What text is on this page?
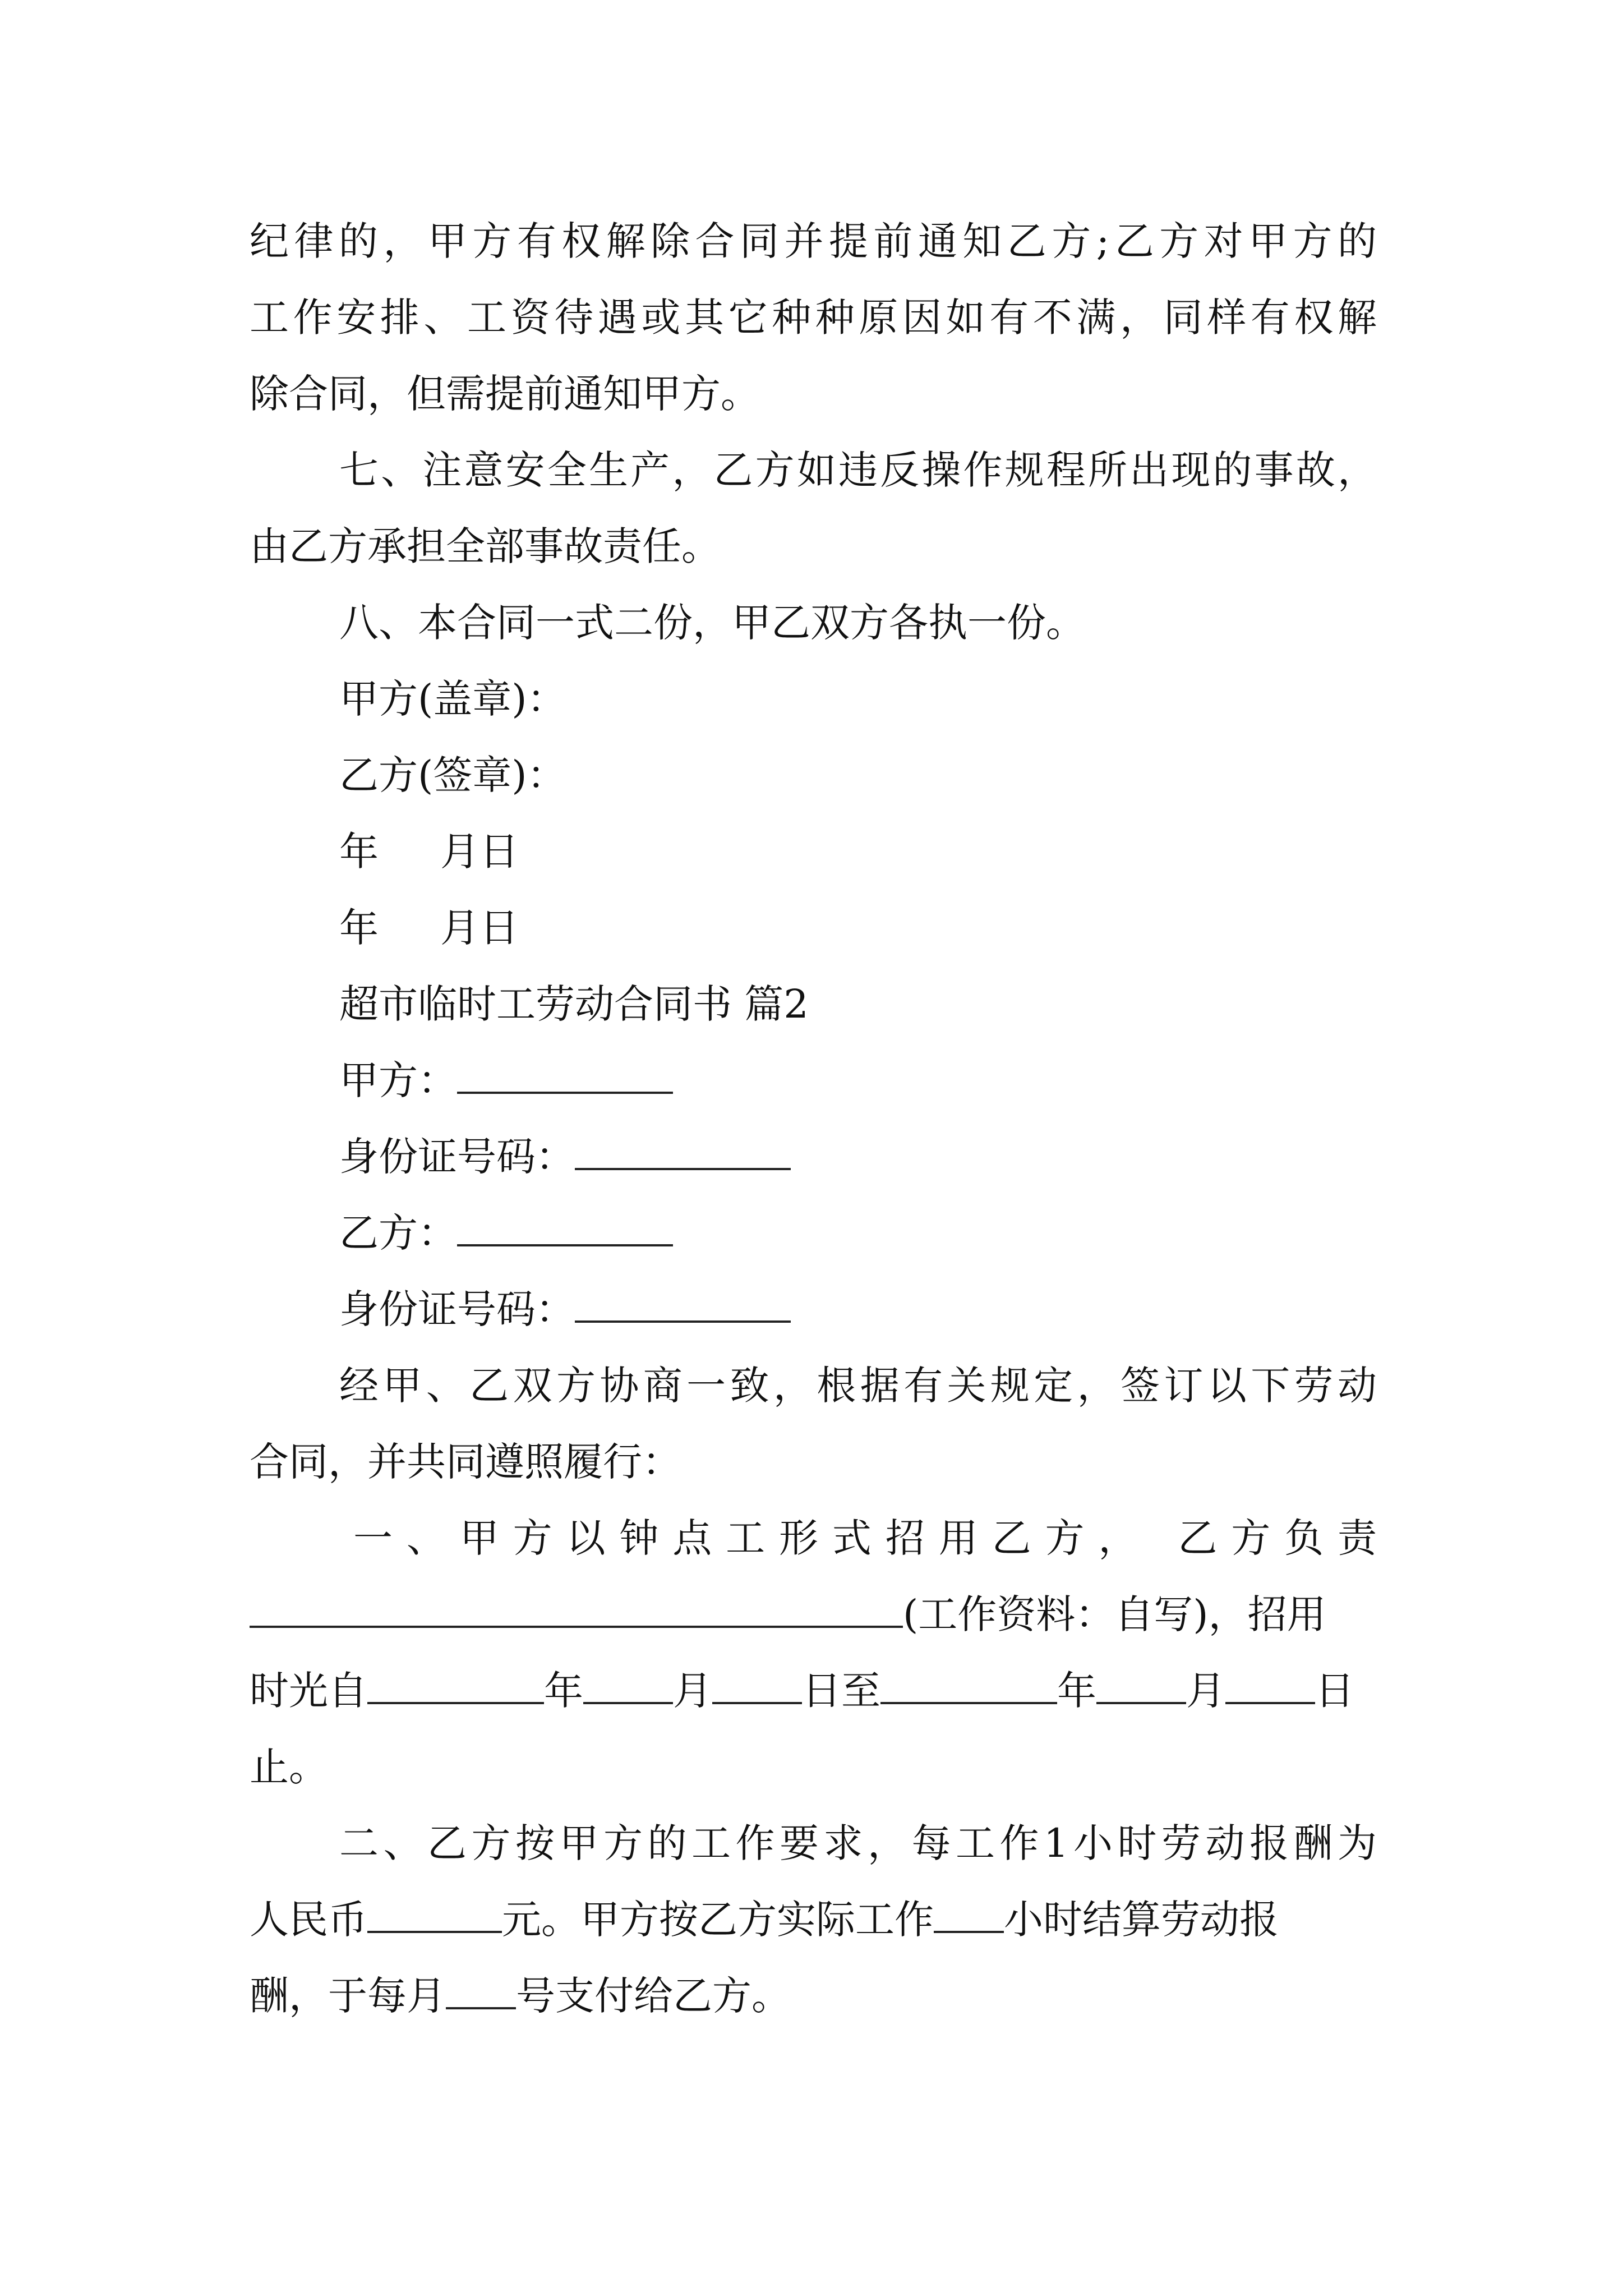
纪律的，甲方有权解除合同并提前通知乙方;乙方对甲方的
工作安排、工资待遇或其它种种原因如有不满，同样有权解
除合同，但需提前通知甲方。
七、注意安全生产，乙方如违反操作规程所出现的事故，
由乙方承担全部事故责任。
八、本合同一式二份，甲乙双方各执一份。
甲方(盖章)：
乙方(签章)：
年 月日
年 月日
超市临时工劳动合同书 篇2
甲方：
身份证号码：
乙方：
身份证号码：
经甲、乙双方协商一致，根据有关规定，签订以下劳动
合同，并共同遵照履行：
一、甲方以钟点工形式招用乙方， 乙方负责
(工作资料：自写)，招用
时光自	年 月 日至	年 月 日
止。
二、乙方按甲方的工作要求，每工作1小时劳动报酬为
人民币	元。甲方按乙方实际工作 小时结算劳动报
酬，于每月 号支付给乙方。
